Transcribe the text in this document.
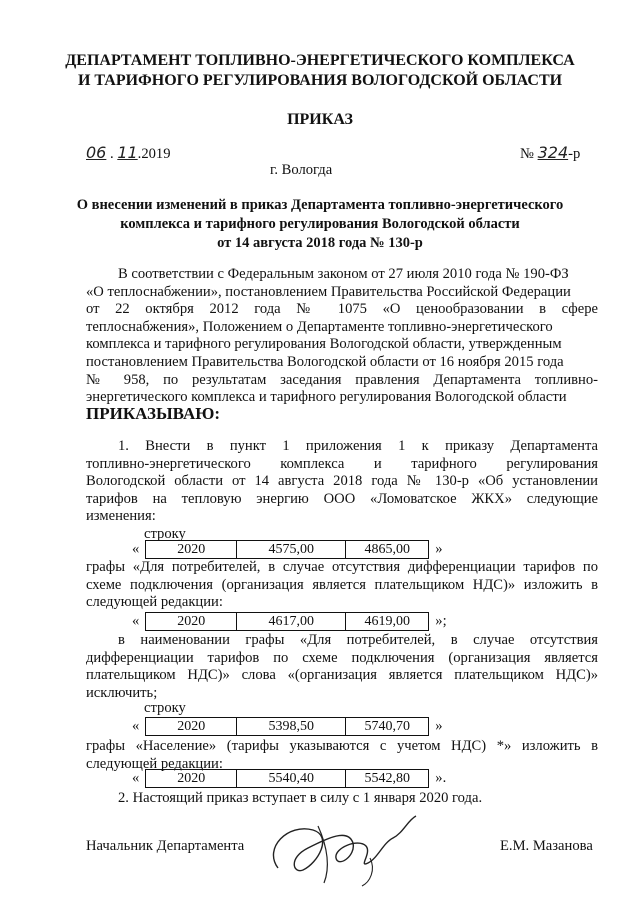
ДЕПАРТАМЕНТ ТОПЛИВНО-ЭНЕРГЕТИЧЕСКОГО КОМПЛЕКСА
И ТАРИФНОГО РЕГУЛИРОВАНИЯ ВОЛОГОДСКОЙ ОБЛАСТИ
ПРИКАЗ
06 . 11.2019	№ 324-р
г. Вологда
О внесении изменений в приказ Департамента топливно-энергетического
комплекса и тарифного регулирования Вологодской области
от 14 августа 2018 года № 130-р
В соответствии с Федеральным законом от 27 июля 2010 года № 190-ФЗ
«О теплоснабжении», постановлением Правительства Российской Федерации
от 22 октября 2012 года № 1075 «О ценообразовании в сфере
теплоснабжения», Положением о Департаменте топливно-энергетического
комплекса и тарифного регулирования Вологодской области, утвержденным
постановлением Правительства Вологодской области от 16 ноября 2015 года
№ 958, по результатам заседания правления Департамента топливно-
энергетического комплекса и тарифного регулирования Вологодской области
ПРИКАЗЫВАЮ:
1. Внести в пункт 1 приложения 1 к приказу Департамента
топливно-энергетического комплекса и тарифного регулирования
Вологодской области от 14 августа 2018 года № 130-р «Об установлении
тарифов на тепловую энергию ООО «Ломоватское ЖКХ» следующие
изменения:
строку
«	2020	4575,00	4865,00 »
графы «Для потребителей, в случае отсутствия дифференциации тарифов по
схеме подключения (организация является плательщиком НДС)» изложить в
следующей редакции:
«	2020	4617,00	4619,00 »;
в наименовании графы «Для потребителей, в случае отсутствия
дифференциации тарифов по схеме подключения (организация является
плательщиком НДС)» слова «(организация является плательщиком НДС)»
исключить;
строку
«	2020	5398,50	5740,70 »
графы «Население» (тарифы указываются с учетом НДС) *» изложить в
следующей редакции:
«	2020	5540,40	5542,80 ».
2. Настоящий приказ вступает в силу с 1 января 2020 года.
Начальник Департамента	Е.М. Мазанова
